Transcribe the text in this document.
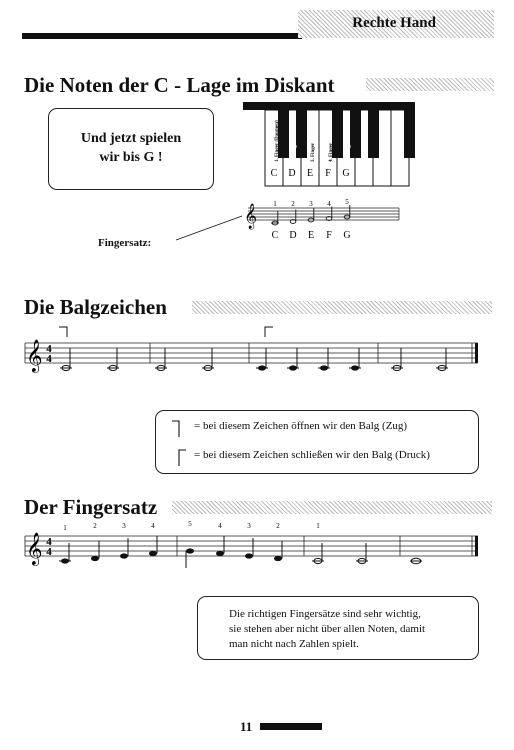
Rechte Hand
Die Noten der C - Lage im Diskant
Und jetzt spielen
wir bis G !	1. Finger (Daumen)	2. Finger	3. Finger	4. Finger	5. Finger
C D E F G
𝄞 1 2 3 4 5
C D E F G
Fingersatz:
Die Balgzeichen
𝄞 4
4
= bei diesem Zeichen öffnen wir den Balg (Zug)
= bei diesem Zeichen schließen wir den Balg (Druck)
Der Fingersatz
𝄞 4
4
1	2	3	4	5	4	3	2	1
Die richtigen Fingersätze sind sehr wichtig,
sie stehen aber nicht über allen Noten, damit
man nicht nach Zahlen spielt.
11
